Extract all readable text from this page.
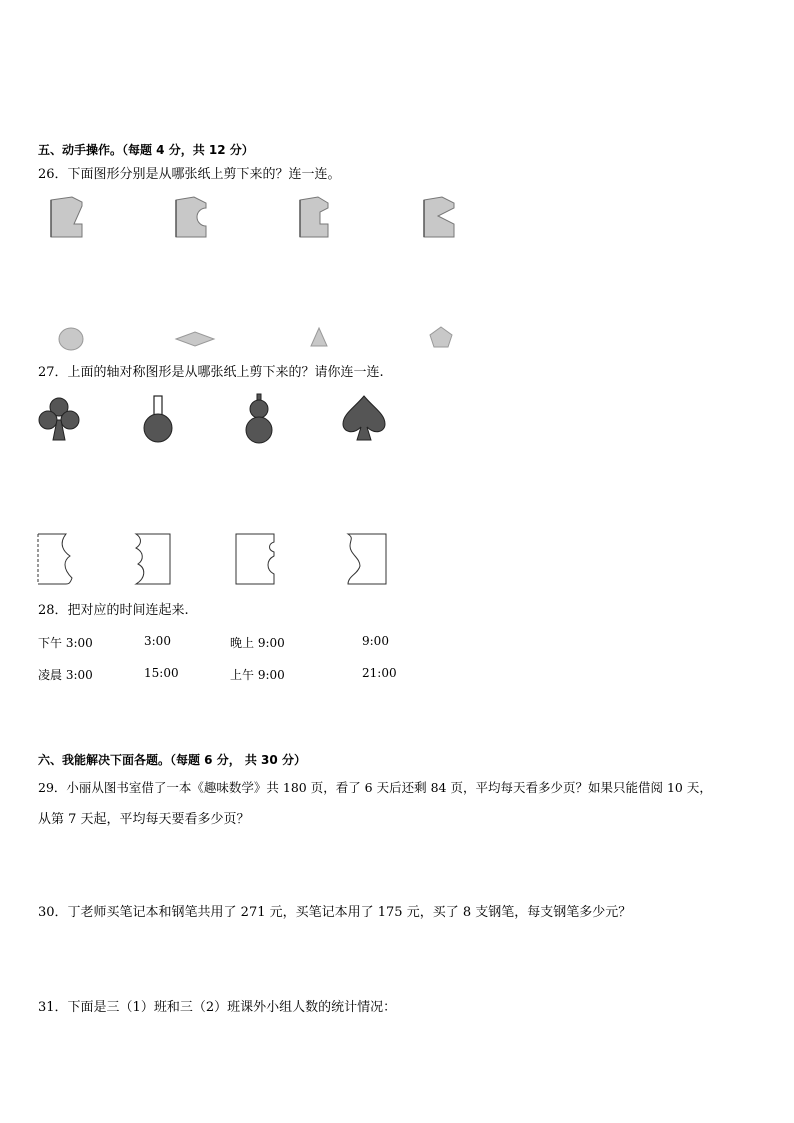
五、动手操作。（每题 4 分，共 12 分）
26．下面图形分别是从哪张纸上剪下来的？连一连。
27．上面的轴对称图形是从哪张纸上剪下来的？请你连一连.
28．把对应的时间连起来.
下午 3:00	3:00	晚上 9:00	9:00
凌晨 3:00	15:00	上午 9:00	21:00
六、我能解决下面各题。（每题 6 分， 共 30 分）
29．小丽从图书室借了一本《趣味数学》共 180 页，看了 6 天后还剩 84 页，平均每天看多少页？如果只能借阅 10 天，
从第 7 天起，平均每天要看多少页？
30．丁老师买笔记本和钢笔共用了 271 元，买笔记本用了 175 元，买了 8 支钢笔，每支钢笔多少元？
31．下面是三（1）班和三（2）班课外小组人数的统计情况：
